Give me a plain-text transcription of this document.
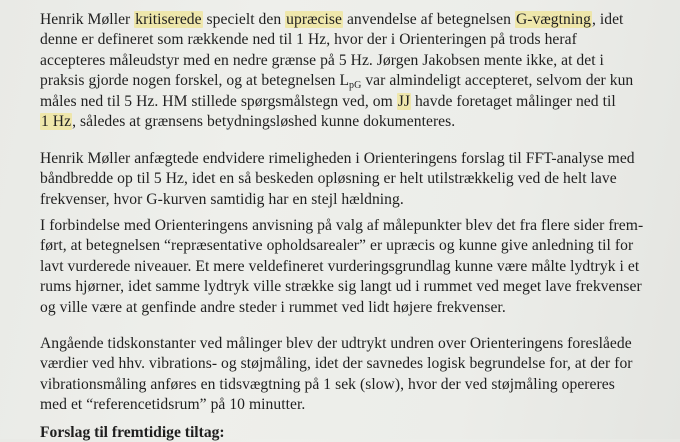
Henrik Møller kritiserede specielt den upræcise anvendelse af betegnelsen G-vægtning, idet
denne er defineret som rækkende ned til 1 Hz, hvor der i Orienteringen på trods heraf
accepteres måleudstyr med en nedre grænse på 5 Hz. Jørgen Jakobsen mente ikke, at det i
praksis gjorde nogen forskel, og at betegnelsen $L_{pG}$ var almindeligt accepteret, selvom der kun
måles ned til 5 Hz. HM stillede spørgsmålstegn ved, om JJ havde foretaget målinger ned til
1 Hz, således at grænsens betydningsløshed kunne dokumenteres.

Henrik Møller anfægtede endvidere rimeligheden i Orienteringens forslag til FFT-analyse med
båndbredde op til 5 Hz, idet en så beskeden opløsning er helt utilstrækkelig ved de helt lave
frekvenser, hvor G-kurven samtidig har en stejl hældning.

I forbindelse med Orienteringens anvisning på valg af målepunkter blev det fra flere sider frem-
ført, at betegnelsen “repræsentative opholdsarealer” er upræcis og kunne give anledning til for
lavt vurderede niveauer. Et mere veldefineret vurderingsgrundlag kunne være målte lydtryk i et
rums hjørner, idet samme lydtryk ville strække sig langt ud i rummet ved meget lave frekvenser
og ville være at genfinde andre steder i rummet ved lidt højere frekvenser.

Angående tidskonstanter ved målinger blev der udtrykt undren over Orienteringens foreslåede
værdier ved hhv. vibrations- og støjmåling, idet der savnedes logisk begrundelse for, at der for
vibrationsmåling anføres en tidsvægtning på 1 sek (slow), hvor der ved støjmåling opereres
med et “referencetidsrum” på 10 minutter.

Forslag til fremtidige tiltag:
